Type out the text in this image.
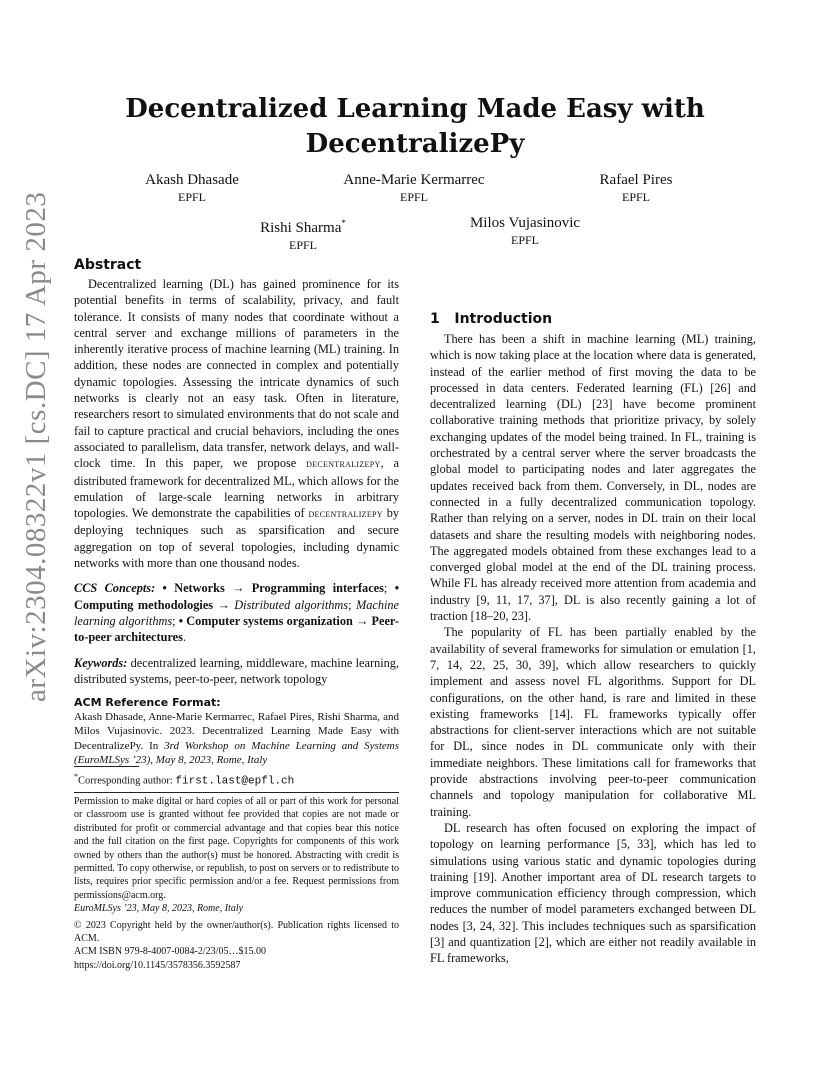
arXiv:2304.08322v1 [cs.DC] 17 Apr 2023
Decentralized Learning Made Easy with
DecentralizePy
Akash Dhasade
EPFL
Anne-Marie Kermarrec
EPFL
Rafael Pires
EPFL
Rishi Sharma*
EPFL
Milos Vujasinovic
EPFL
Abstract

Decentralized learning (DL) has gained prominence for its potential benefits in terms of scalability, privacy, and fault tolerance. It consists of many nodes that coordinate without a central server and exchange millions of parameters in the inherently iterative process of machine learning (ML) training. In addition, these nodes are connected in complex and potentially dynamic topologies. Assessing the intricate dynamics of such networks is clearly not an easy task. Often in literature, researchers resort to simulated environments that do not scale and fail to capture practical and crucial behaviors, including the ones associated to parallelism, data transfer, network delays, and wall-clock time. In this paper, we propose decentralizepy, a distributed framework for decentralized ML, which allows for the emulation of large-scale learning networks in arbitrary topologies. We demonstrate the capabilities of decentralizepy by deploying techniques such as sparsification and secure aggregation on top of several topologies, including dynamic networks with more than one thousand nodes.

CCS Concepts: • Networks → Programming interfaces; • Computing methodologies → Distributed algorithms; Machine learning algorithms; • Computer systems organization → Peer-to-peer architectures.

Keywords: decentralized learning, middleware, machine learning, distributed systems, peer-to-peer, network topology

ACM Reference Format:

Akash Dhasade, Anne-Marie Kermarrec, Rafael Pires, Rishi Sharma, and Milos Vujasinovic. 2023. Decentralized Learning Made Easy with DecentralizePy. In 3rd Workshop on Machine Learning and Systems (EuroMLSys ’23), May 8, 2023, Rome, Italy

*Corresponding author: first.last@epfl.ch

Permission to make digital or hard copies of all or part of this work for personal or classroom use is granted without fee provided that copies are not made or distributed for profit or commercial advantage and that copies bear this notice and the full citation on the first page. Copyrights for components of this work owned by others than the author(s) must be honored. Abstracting with credit is permitted. To copy otherwise, or republish, to post on servers or to redistribute to lists, requires prior specific permission and/or a fee. Request permissions from permissions@acm.org.

EuroMLSys ’23, May 8, 2023, Rome, Italy

© 2023 Copyright held by the owner/author(s). Publication rights licensed to ACM.

ACM ISBN 979-8-4007-0084-2/23/05…$15.00

https://doi.org/10.1145/3578356.3592587

1   Introduction

There has been a shift in machine learning (ML) training, which is now taking place at the location where data is generated, instead of the earlier method of first moving the data to be processed in data centers. Federated learning (FL) [26] and decentralized learning (DL) [23] have become prominent collaborative training methods that prioritize privacy, by solely exchanging updates of the model being trained. In FL, training is orchestrated by a central server where the server broadcasts the global model to participating nodes and later aggregates the updates received back from them. Conversely, in DL, nodes are connected in a fully decentralized communication topology. Rather than relying on a server, nodes in DL train on their local datasets and share the resulting models with neighboring nodes. The aggregated models obtained from these exchanges lead to a converged global model at the end of the DL training process. While FL has already received more attention from academia and industry [9, 11, 17, 37], DL is also recently gaining a lot of traction [18–20, 23].

The popularity of FL has been partially enabled by the availability of several frameworks for simulation or emulation [1, 7, 14, 22, 25, 30, 39], which allow researchers to quickly implement and assess novel FL algorithms. Support for DL configurations, on the other hand, is rare and limited in these existing frameworks [14]. FL frameworks typically offer abstractions for client-server interactions which are not suitable for DL, since nodes in DL communicate only with their immediate neighbors. These limitations call for frameworks that provide abstractions involving peer-to-peer communication channels and topology manipulation for collaborative ML training.

DL research has often focused on exploring the impact of topology on learning performance [5, 33], which has led to simulations using various static and dynamic topologies during training [19]. Another important area of DL research targets to improve communication efficiency through compression, which reduces the number of model parameters exchanged between DL nodes [3, 24, 32]. This includes techniques such as sparsification [3] and quantization [2], which are either not readily available in FL frameworks,
